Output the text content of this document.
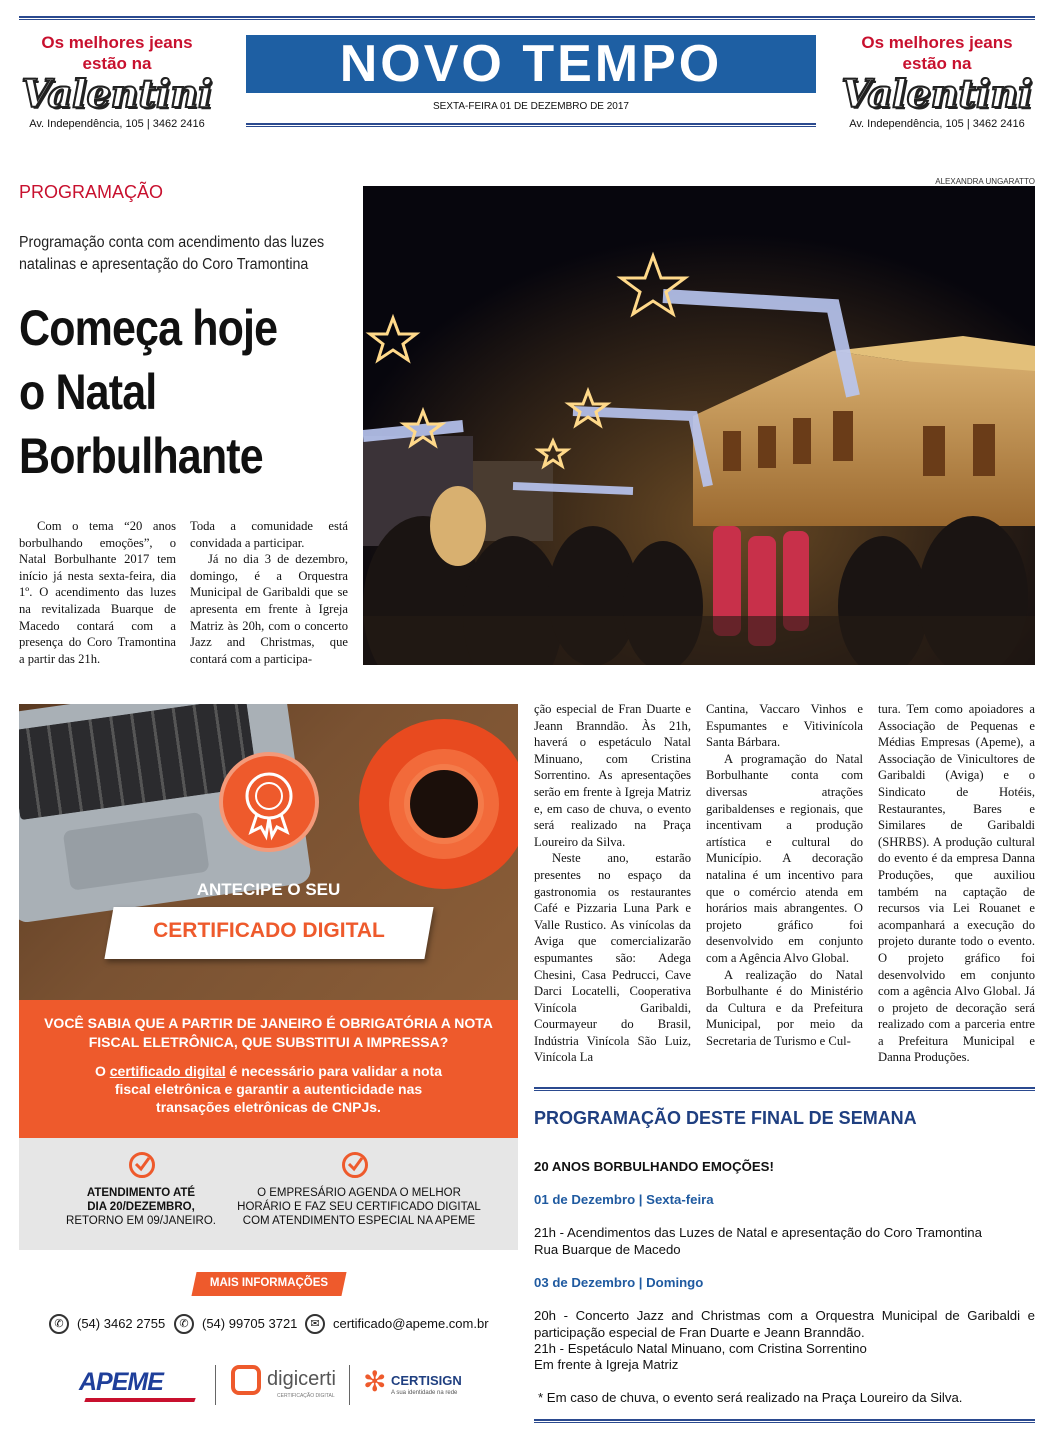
Os melhores jeans
estão na
Valentini
Av. Independência, 105 | 3462 2416
NOVO TEMPO
SEXTA-FEIRA 01 DE DEZEMBRO DE 2017
Os melhores jeans
estão na
Valentini
Av. Independência, 105 | 3462 2416
PROGRAMAÇÃO
Programação conta com acendimento das luzes natalinas e apresentação do Coro Tramontina
Começa hoje o Natal Borbulhante

Com o tema “20 anos borbulhando emoções”, o Natal Borbulhante 2017 tem início já nesta sexta-feira, dia 1º. O acendimento das luzes na revitalizada Buarque de Macedo contará com a presença do Coro Tramontina a partir das 21h.

Toda a comunidade está convidada a participar.

Já no dia 3 de dezembro, domingo, é a Orquestra Municipal de Garibaldi que se apresenta em frente à Igreja Matriz às 20h, com o concerto Jazz and Christmas, que contará com a participa-

ALEXANDRA UNGARATTO

ção especial de Fran Duarte e Jeann Branndão. Às 21h, haverá o espetáculo Natal Minuano, com Cristina Sorrentino. As apresentações serão em frente à Igreja Matriz e, em caso de chuva, o evento será realizado na Praça Loureiro da Silva.

Neste ano, estarão presentes no espaço da gastronomia os restaurantes Café e Pizzaria Luna Park e Valle Rustico. As vinícolas da Aviga que comercializarão espumantes são: Adega Chesini, Casa Pedrucci, Cave Darci Locatelli, Cooperativa Vinícola Garibaldi, Courmayeur do Brasil, Indústria Vinícola São Luiz, Vinícola La

Cantina, Vaccaro Vinhos e Espumantes e Vitivinícola Santa Bárbara.

A programação do Natal Borbulhante conta com diversas atrações garibaldenses e regionais, que incentivam a produção artística e cultural do Município. A decoração natalina é um incentivo para que o comércio atenda em horários mais abrangentes. O projeto gráfico foi desenvolvido em conjunto com a Agência Alvo Global.

A realização do Natal Borbulhante é do Ministério da Cultura e da Prefeitura Municipal, por meio da Secretaria de Turismo e Cul-

tura. Tem como apoiadores a Associação de Pequenas e Médias Empresas (Apeme), a Associação de Vinicultores de Garibaldi (Aviga) e o Sindicato de Hotéis, Restaurantes, Bares e Similares de Garibaldi (SHRBS). A produção cultural do evento é da empresa Danna Produções, que auxiliou também na captação de recursos via Lei Rouanet e acompanhará a execução do projeto durante todo o evento. O projeto gráfico foi desenvolvido em conjunto com a agência Alvo Global. Já o projeto de decoração será realizado com a parceria entre a Prefeitura Municipal e Danna Produções.

ANTECIPE O SEU
CERTIFICADO DIGITAL
VOCÊ SABIA QUE A PARTIR DE JANEIRO É OBRIGATÓRIA A NOTA FISCAL ELETRÔNICA, QUE SUBSTITUI A IMPRESSA?
O certificado digital é necessário para validar a nota fiscal eletrônica e garantir a autenticidade nas transações eletrônicas de CNPJs.
ATENDIMENTO ATÉ
DIA 20/DEZEMBRO,
RETORNO EM 09/JANEIRO.
O EMPRESÁRIO AGENDA O MELHOR
HORÁRIO E FAZ SEU CERTIFICADO DIGITAL
COM ATENDIMENTO ESPECIAL NA APEME
MAIS INFORMAÇÕES
✆	(54) 3462 2755	✆	(54) 99705 3721	✉	certificado@apeme.com.br
APEME	digicerti
CERTIFICAÇÃO DIGITAL ✻ CERTISIGN
A sua identidade na rede
PROGRAMAÇÃO DESTE FINAL DE SEMANA
20 ANOS BORBULHANDO EMOÇÕES!
01 de Dezembro | Sexta-feira
21h - Acendimentos das Luzes de Natal e apresentação do Coro Tramontina
Rua Buarque de Macedo
03 de Dezembro | Domingo
20h - Concerto Jazz and Christmas com a Orquestra Municipal de Garibaldi e participação especial de Fran Duarte e Jeann Branndão.
21h - Espetáculo Natal Minuano, com Cristina Sorrentino
Em frente à Igreja Matriz
* Em caso de chuva, o evento será realizado na Praça Loureiro da Silva.
